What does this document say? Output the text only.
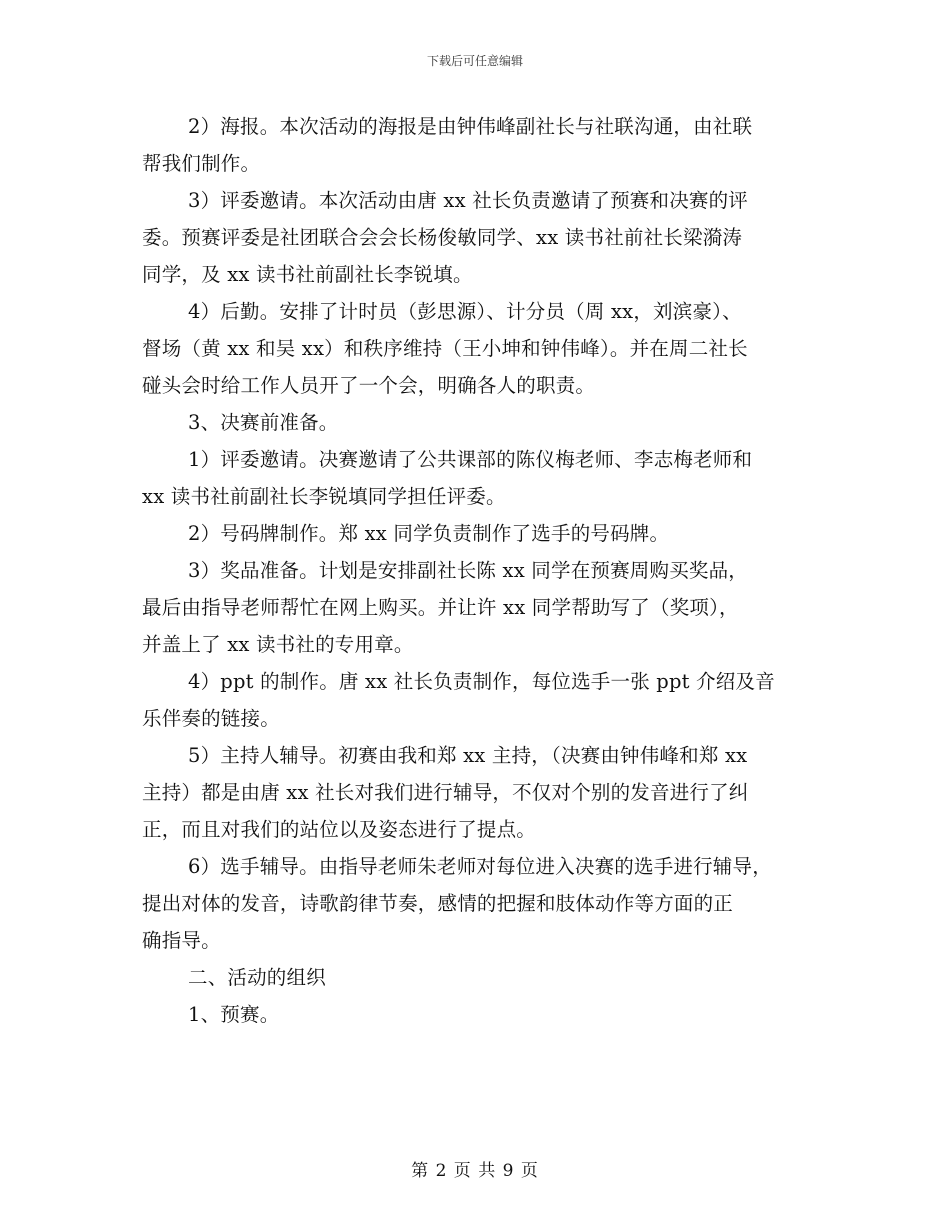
下载后可任意编辑

2）海报。本次活动的海报是由钟伟峰副社长与社联沟通，由社联
帮我们制作。

3）评委邀请。本次活动由唐 xx 社长负责邀请了预赛和决赛的评
委。预赛评委是社团联合会会长杨俊敏同学、xx 读书社前社长梁漪涛
同学，及 xx 读书社前副社长李锐填。

4）后勤。安排了计时员（彭思源）、计分员（周 xx，刘滨豪）、
督场（黄 xx 和吴 xx）和秩序维持（王小坤和钟伟峰）。并在周二社长
碰头会时给工作人员开了一个会，明确各人的职责。

3、决赛前准备。

1）评委邀请。决赛邀请了公共课部的陈仪梅老师、李志梅老师和
xx 读书社前副社长李锐填同学担任评委。

2）号码牌制作。郑 xx 同学负责制作了选手的号码牌。

3）奖品准备。计划是安排副社长陈 xx 同学在预赛周购买奖品，
最后由指导老师帮忙在网上购买。并让许 xx 同学帮助写了（奖项），
并盖上了 xx 读书社的专用章。

4）ppt 的制作。唐 xx 社长负责制作，每位选手一张 ppt 介绍及音
乐伴奏的链接。

5）主持人辅导。初赛由我和郑 xx 主持，（决赛由钟伟峰和郑 xx
主持）都是由唐 xx 社长对我们进行辅导，不仅对个别的发音进行了纠
正，而且对我们的站位以及姿态进行了提点。

6）选手辅导。由指导老师朱老师对每位进入决赛的选手进行辅导，
提出对体的发音，诗歌韵律节奏，感情的把握和肢体动作等方面的正
确指导。

二、活动的组织

1、预赛。

第 2 页 共 9 页
